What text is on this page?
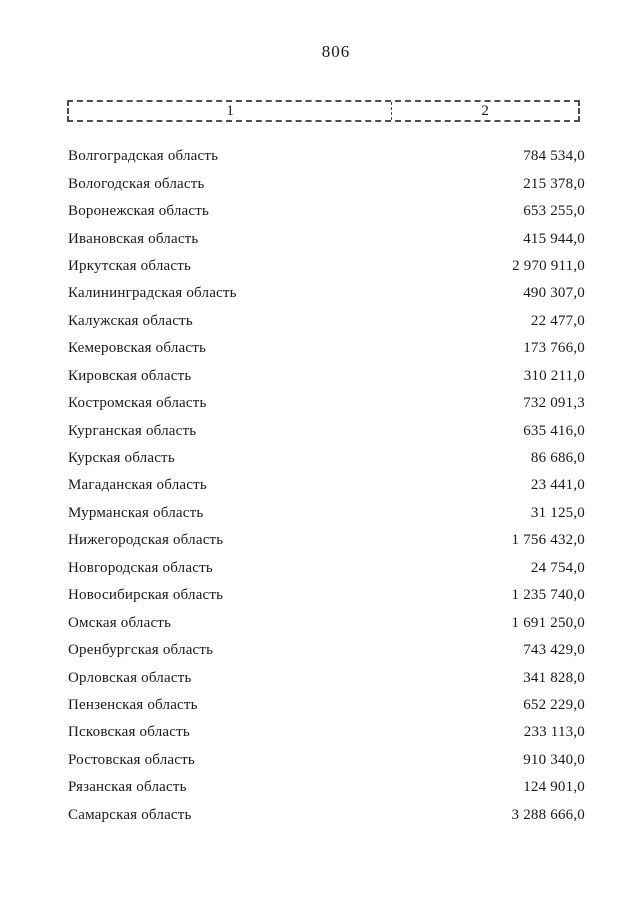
806
1	2
Волгоградская область	784 534,0
Вологодская область	215 378,0
Воронежская область	653 255,0
Ивановская область	415 944,0
Иркутская область	2 970 911,0
Калининградская область	490 307,0
Калужская область	22 477,0
Кемеровская область	173 766,0
Кировская область	310 211,0
Костромская область	732 091,3
Курганская область	635 416,0
Курская область	86 686,0
Магаданская область	23 441,0
Мурманская область	31 125,0
Нижегородская область	1 756 432,0
Новгородская область	24 754,0
Новосибирская область	1 235 740,0
Омская область	1 691 250,0
Оренбургская область	743 429,0
Орловская область	341 828,0
Пензенская область	652 229,0
Псковская область	233 113,0
Ростовская область	910 340,0
Рязанская область	124 901,0
Самарская область	3 288 666,0
